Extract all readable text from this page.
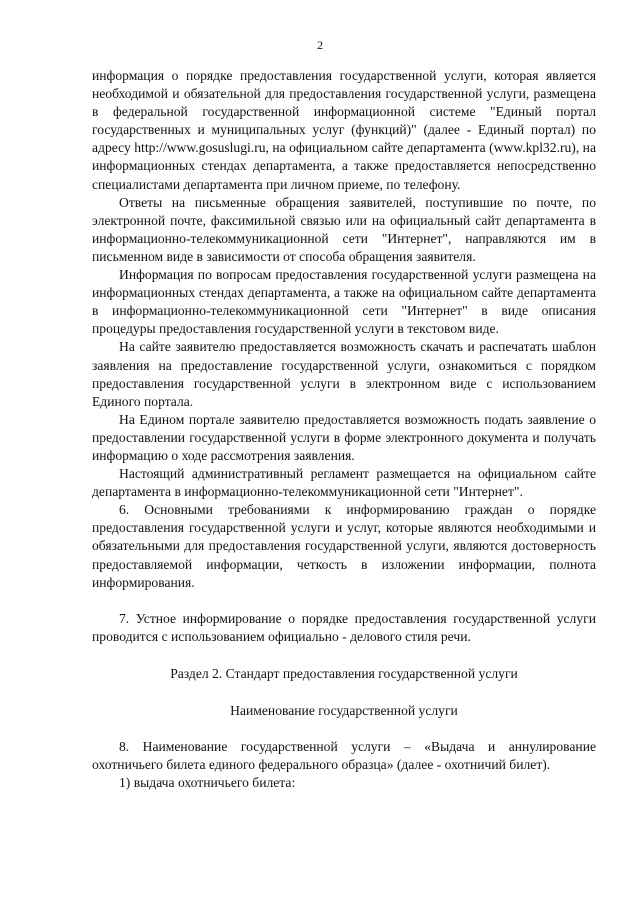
2

информация о порядке предоставления государственной услуги, которая является необходимой и обязательной для предоставления государственной услуги, размещена в федеральной государственной информационной системе "Единый портал государственных и муниципальных услуг (функций)" (далее - Единый портал) по адресу http://www.gosuslugi.ru, на официальном сайте департамента (www.kpl32.ru), на информационных стендах департамента, а также предоставляется непосредственно специалистами департамента при личном приеме, по телефону.

Ответы на письменные обращения заявителей, поступившие по почте, по электронной почте, факсимильной связью или на официальный сайт департамента в информационно-телекоммуникационной сети "Интернет", направляются им в письменном виде в зависимости от способа обращения заявителя.

Информация по вопросам предоставления государственной услуги размещена на информационных стендах департамента, а также на официальном сайте департамента в информационно-телекоммуникационной сети "Интернет" в виде описания процедуры предоставления государственной услуги в текстовом виде.

На сайте заявителю предоставляется возможность скачать и распечатать шаблон заявления на предоставление государственной услуги, ознакомиться с порядком предоставления государственной услуги в электронном виде с использованием Единого портала.

На Едином портале заявителю предоставляется возможность подать заявление о предоставлении государственной услуги в форме электронного документа и получать информацию о ходе рассмотрения заявления.

Настоящий административный регламент размещается на официальном сайте департамента в информационно-телекоммуникационной сети "Интернет".

6. Основными требованиями к информированию граждан о порядке предоставления государственной услуги и услуг, которые являются необходимыми и обязательными для предоставления государственной услуги, являются достоверность предоставляемой информации, четкость в изложении информации, полнота информирования.

7. Устное информирование о порядке предоставления государственной услуги проводится с использованием официально - делового стиля речи.

Раздел 2. Стандарт предоставления государственной услуги

Наименование государственной услуги

8. Наименование государственной услуги – «Выдача и аннулирование охотничьего билета единого федерального образца» (далее - охотничий билет).

1) выдача охотничьего билета:
